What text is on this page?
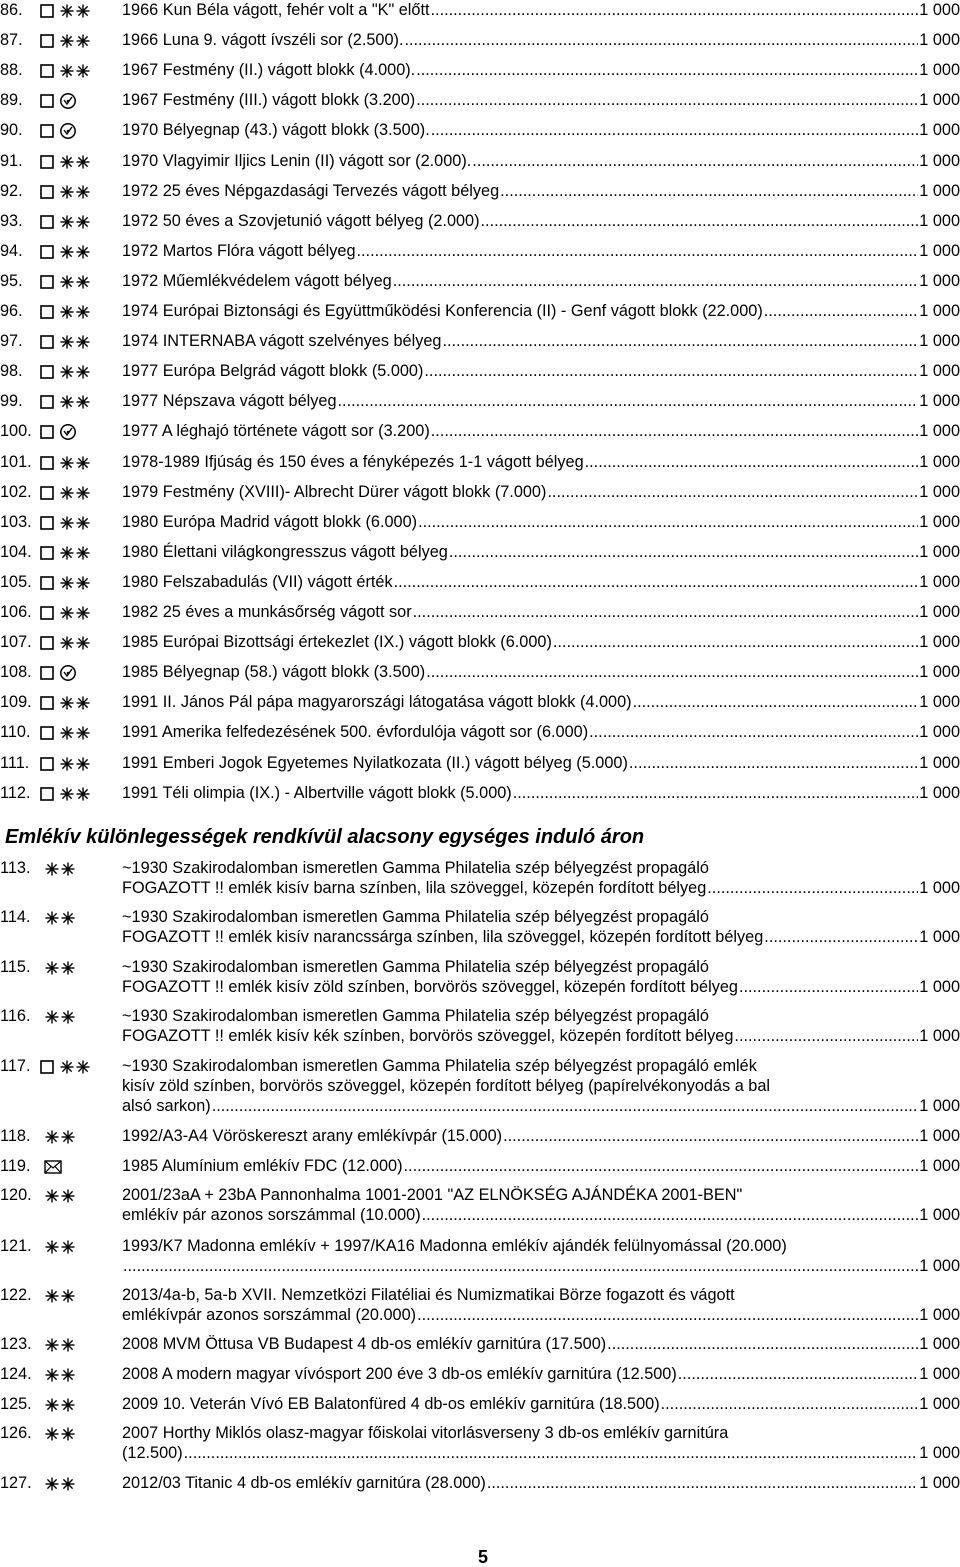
86.	1966 Kun Béla vágott, fehér volt a "K" előtt .....	1 000
87.	1966 Luna 9. vágott ívszéli sor (2.500). .....	1 000
88.	1967 Festmény (II.) vágott blokk (4.000). .....	1 000
89.	1967 Festmény (III.) vágott blokk (3.200) .....	1 000
90.	1970 Bélyegnap (43.) vágott blokk (3.500). .....	1 000
91.	1970 Vlagyimir Iljics Lenin (II) vágott sor (2.000). .....	1 000
92.	1972 25 éves Népgazdasági Tervezés vágott bélyeg .....	1 000
93.	1972 50 éves a Szovjetunió vágott bélyeg (2.000) .....	1 000
94.	1972 Martos Flóra vágott bélyeg .....	1 000
95.	1972 Műemlékvédelem vágott bélyeg .....	1 000
96.	1974 Európai Biztonsági és Együttműködési Konferencia (II) - Genf vágott blokk (22.000) .....	1 000
97.	1974 INTERNABA vágott szelvényes bélyeg .....	1 000
98.	1977 Európa Belgrád vágott blokk (5.000) .....	1 000
99.	1977 Népszava vágott bélyeg .....	1 000
100.	1977 A léghajó története vágott sor (3.200) .....	1 000
101.	1978-1989 Ifjúság és 150 éves a fényképezés 1-1 vágott bélyeg .....	1 000
102.	1979 Festmény (XVIII)- Albrecht Dürer vágott blokk (7.000) .....	1 000
103.	1980 Európa Madrid vágott blokk (6.000) .....	1 000
104.	1980 Élettani világkongresszus vágott bélyeg .....	1 000
105.	1980 Felszabadulás (VII) vágott érték .....	1 000
106.	1982 25 éves a munkásőrség vágott sor .....	1 000
107.	1985 Európai Bizottsági értekezlet (IX.) vágott blokk (6.000) .....	1 000
108.	1985 Bélyegnap (58.) vágott blokk (3.500) .....	1 000
109.	1991 II. János Pál pápa magyarországi látogatása vágott blokk (4.000) .....	1 000
110.	1991 Amerika felfedezésének 500. évfordulója vágott sor (6.000) .....	1 000
111.	1991 Emberi Jogok Egyetemes Nyilatkozata (II.) vágott bélyeg (5.000) .....	1 000
112.	1991 Téli olimpia (IX.) - Albertville vágott blokk (5.000) .....	1 000
Emlékív különlegességek rendkívül alacsony egységes induló áron
113.	~1930 Szakirodalomban ismeretlen Gamma Philatelia szép bélyegzést propagáló
FOGAZOTT !! emlék kisív barna színben, lila szöveggel, közepén fordított bélyeg .....	1 000
114.	~1930 Szakirodalomban ismeretlen Gamma Philatelia szép bélyegzést propagáló
FOGAZOTT !! emlék kisív narancssárga színben, lila szöveggel, közepén fordított bélyeg .....	1 000
115.	~1930 Szakirodalomban ismeretlen Gamma Philatelia szép bélyegzést propagáló
FOGAZOTT !! emlék kisív zöld színben, borvörös szöveggel, közepén fordított bélyeg .....	1 000
116.	~1930 Szakirodalomban ismeretlen Gamma Philatelia szép bélyegzést propagáló
FOGAZOTT !! emlék kisív kék színben, borvörös szöveggel, közepén fordított bélyeg .....	1 000
117.	~1930 Szakirodalomban ismeretlen Gamma Philatelia szép bélyegzést propagáló emlék
kisív zöld színben, borvörös szöveggel, közepén fordított bélyeg (papírelvékonyodás a bal
alsó sarkon) .....	1 000
118.	1992/A3-A4 Vöröskereszt arany emlékívpár (15.000) .....	1 000
119.	1985 Alumínium emlékív FDC (12.000) .....	1 000
120.	2001/23aA + 23bA Pannonhalma 1001-2001 "AZ ELNÖKSÉG AJÁNDÉKA 2001-BEN"
emlékív pár azonos sorszámmal (10.000) .....	1 000
121.	1993/K7 Madonna emlékív + 1997/KA16 Madonna emlékív ajándék felülnyomással (20.000)
.....
1 000
122.	2013/4a-b, 5a-b XVII. Nemzetközi Filatéliai és Numizmatikai Börze fogazott és vágott
emlékívpár azonos sorszámmal (20.000) .....	1 000
123.	2008 MVM Öttusa VB Budapest 4 db-os emlékív garnitúra (17.500) .....	1 000
124.	2008 A modern magyar vívósport 200 éve 3 db-os emlékív garnitúra (12.500) .....	1 000
125.	2009 10. Veterán Vívó EB Balatonfüred 4 db-os emlékív garnitúra (18.500) .....	1 000
126.	2007 Horthy Miklós olasz-magyar főiskolai vitorlásverseny 3 db-os emlékív garnitúra
(12.500) .....	1 000
127.	2012/03 Titanic 4 db-os emlékív garnitúra (28.000) .....	1 000
5
